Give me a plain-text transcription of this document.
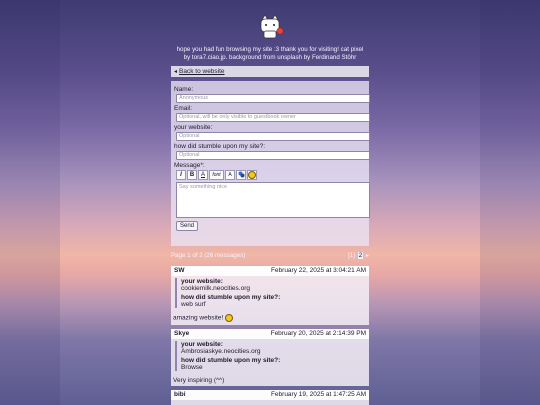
hope you had fun browsing my site :3 thank you for visiting! cat pixel
by tora7.ciao.jp. background from unsplash by Ferdinand Stöhr
◂ Back to website
Name:
Anonymous
Email:
Optional, will be only visible to guestbook owner
your website:
Optional
how did stumble upon my site?:
Optional
Message*:
I	B	A	font	A
Say something nice
Send
Page 1 of 2 (26 messages)	[1] 2 ▸
SW	February 22, 2025 at 3:04:21 AM
your website:
cookiemilk.neocities.org
how did stumble upon my site?:
web surf
amazing website!
Skye	February 20, 2025 at 2:14:39 PM
your website:
Ambrosiaskye.neocities.org
how did stumble upon my site?:
Browse
Very inspiring (^^)
bibi	February 19, 2025 at 1:47:25 AM
